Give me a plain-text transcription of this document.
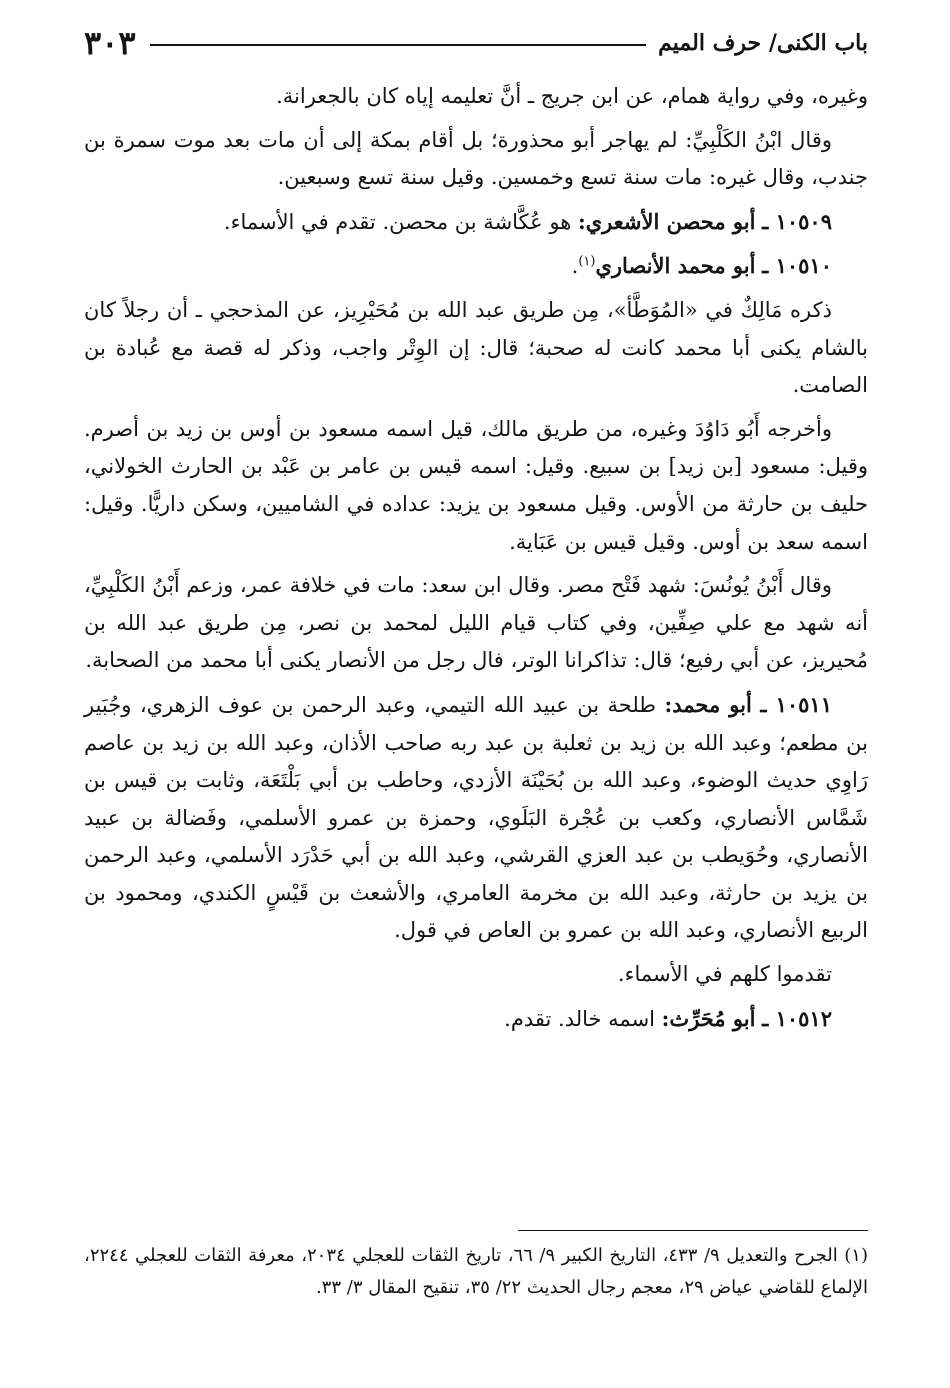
باب الكنى/ حرف الميم
٣٠٣

وغيره، وفي رواية همام، عن ابن جريج ـ أنَّ تعليمه إياه كان بالجعرانة.

وقال ابْنُ الكَلْبِيِّ: لم يهاجر أبو محذورة؛ بل أقام بمكة إلى أن مات بعد موت سمرة بن جندب، وقال غيره: مات سنة تسع وخمسين. وقيل سنة تسع وسبعين.

١٠٥٠٩ ـ أبو محصن الأشعري: هو عُكَّاشة بن محصن. تقدم في الأسماء.

١٠٥١٠ ـ أبو محمد الأنصاري$^{(١)}$.

ذكره مَالِكٌ في «المُوَطَّأ»، مِن طريق عبد الله بن مُحَيْرِيز، عن المذحجي ـ أن رجلاً كان بالشام يكنى أبا محمد كانت له صحبة؛ قال: إن الوِتْر واجب، وذكر له قصة مع عُبادة بن الصامت.

وأخرجه أَبُو دَاوُدَ وغيره، من طريق مالك، قيل اسمه مسعود بن أوس بن زيد بن أصرم. وقيل: مسعود [بن زيد] بن سبيع. وقيل: اسمه قيس بن عامر بن عَبْد بن الحارث الخولاني، حليف بن حارثة من الأوس. وقيل مسعود بن يزيد: عداده في الشاميين، وسكن داريًّا. وقيل: اسمه سعد بن أوس. وقيل قيس بن عَبَاية.

وقال أَبْنُ يُونُسَ: شهد فَتْح مصر. وقال ابن سعد: مات في خلافة عمر، وزعم أَبْنُ الكَلْبِيِّ، أنه شهد مع علي صِفِّين، وفي كتاب قيام الليل لمحمد بن نصر، مِن طريق عبد الله بن مُحيريز، عن أبي رفيع؛ قال: تذاكرانا الوتر، فال رجل من الأنصار يكنى أبا محمد من الصحابة.

١٠٥١١ ـ أبو محمد: طلحة بن عبيد الله التيمي، وعبد الرحمن بن عوف الزهري، وجُبَير بن مطعم؛ وعبد الله بن زيد بن ثعلبة بن عبد ربه صاحب الأذان، وعبد الله بن زيد بن عاصم رَاوِي حديث الوضوء، وعبد الله بن بُحَيْنَة الأزدي، وحاطب بن أبي بَلْتَعَة، وثابت بن قيس بن شَمَّاس الأنصاري، وكعب بن عُجْرة البَلَوي، وحمزة بن عمرو الأسلمي، وفَضالة بن عبيد الأنصاري، وحُوَيطب بن عبد العزي القرشي، وعبد الله بن أبي حَدْرَد الأسلمي، وعبد الرحمن بن يزيد بن حارثة، وعبد الله بن مخرمة العامري، والأشعث بن قَيْسٍ الكندي، ومحمود بن الربيع الأنصاري، وعبد الله بن عمرو بن العاص في قول.

تقدموا كلهم في الأسماء.

١٠٥١٢ ـ أبو مُحَرِّث: اسمه خالد. تقدم.

(١) الجرح والتعديل ٩/ ٤٣٣، التاريخ الكبير ٩/ ٦٦، تاريخ الثقات للعجلي ٢٠٣٤، معرفة الثقات للعجلي ٢٢٤٤، الإلماع للقاضي عياض ٢٩، معجم رجال الحديث ٢٢/ ٣٥، تنقيح المقال ٣/ ٣٣.
